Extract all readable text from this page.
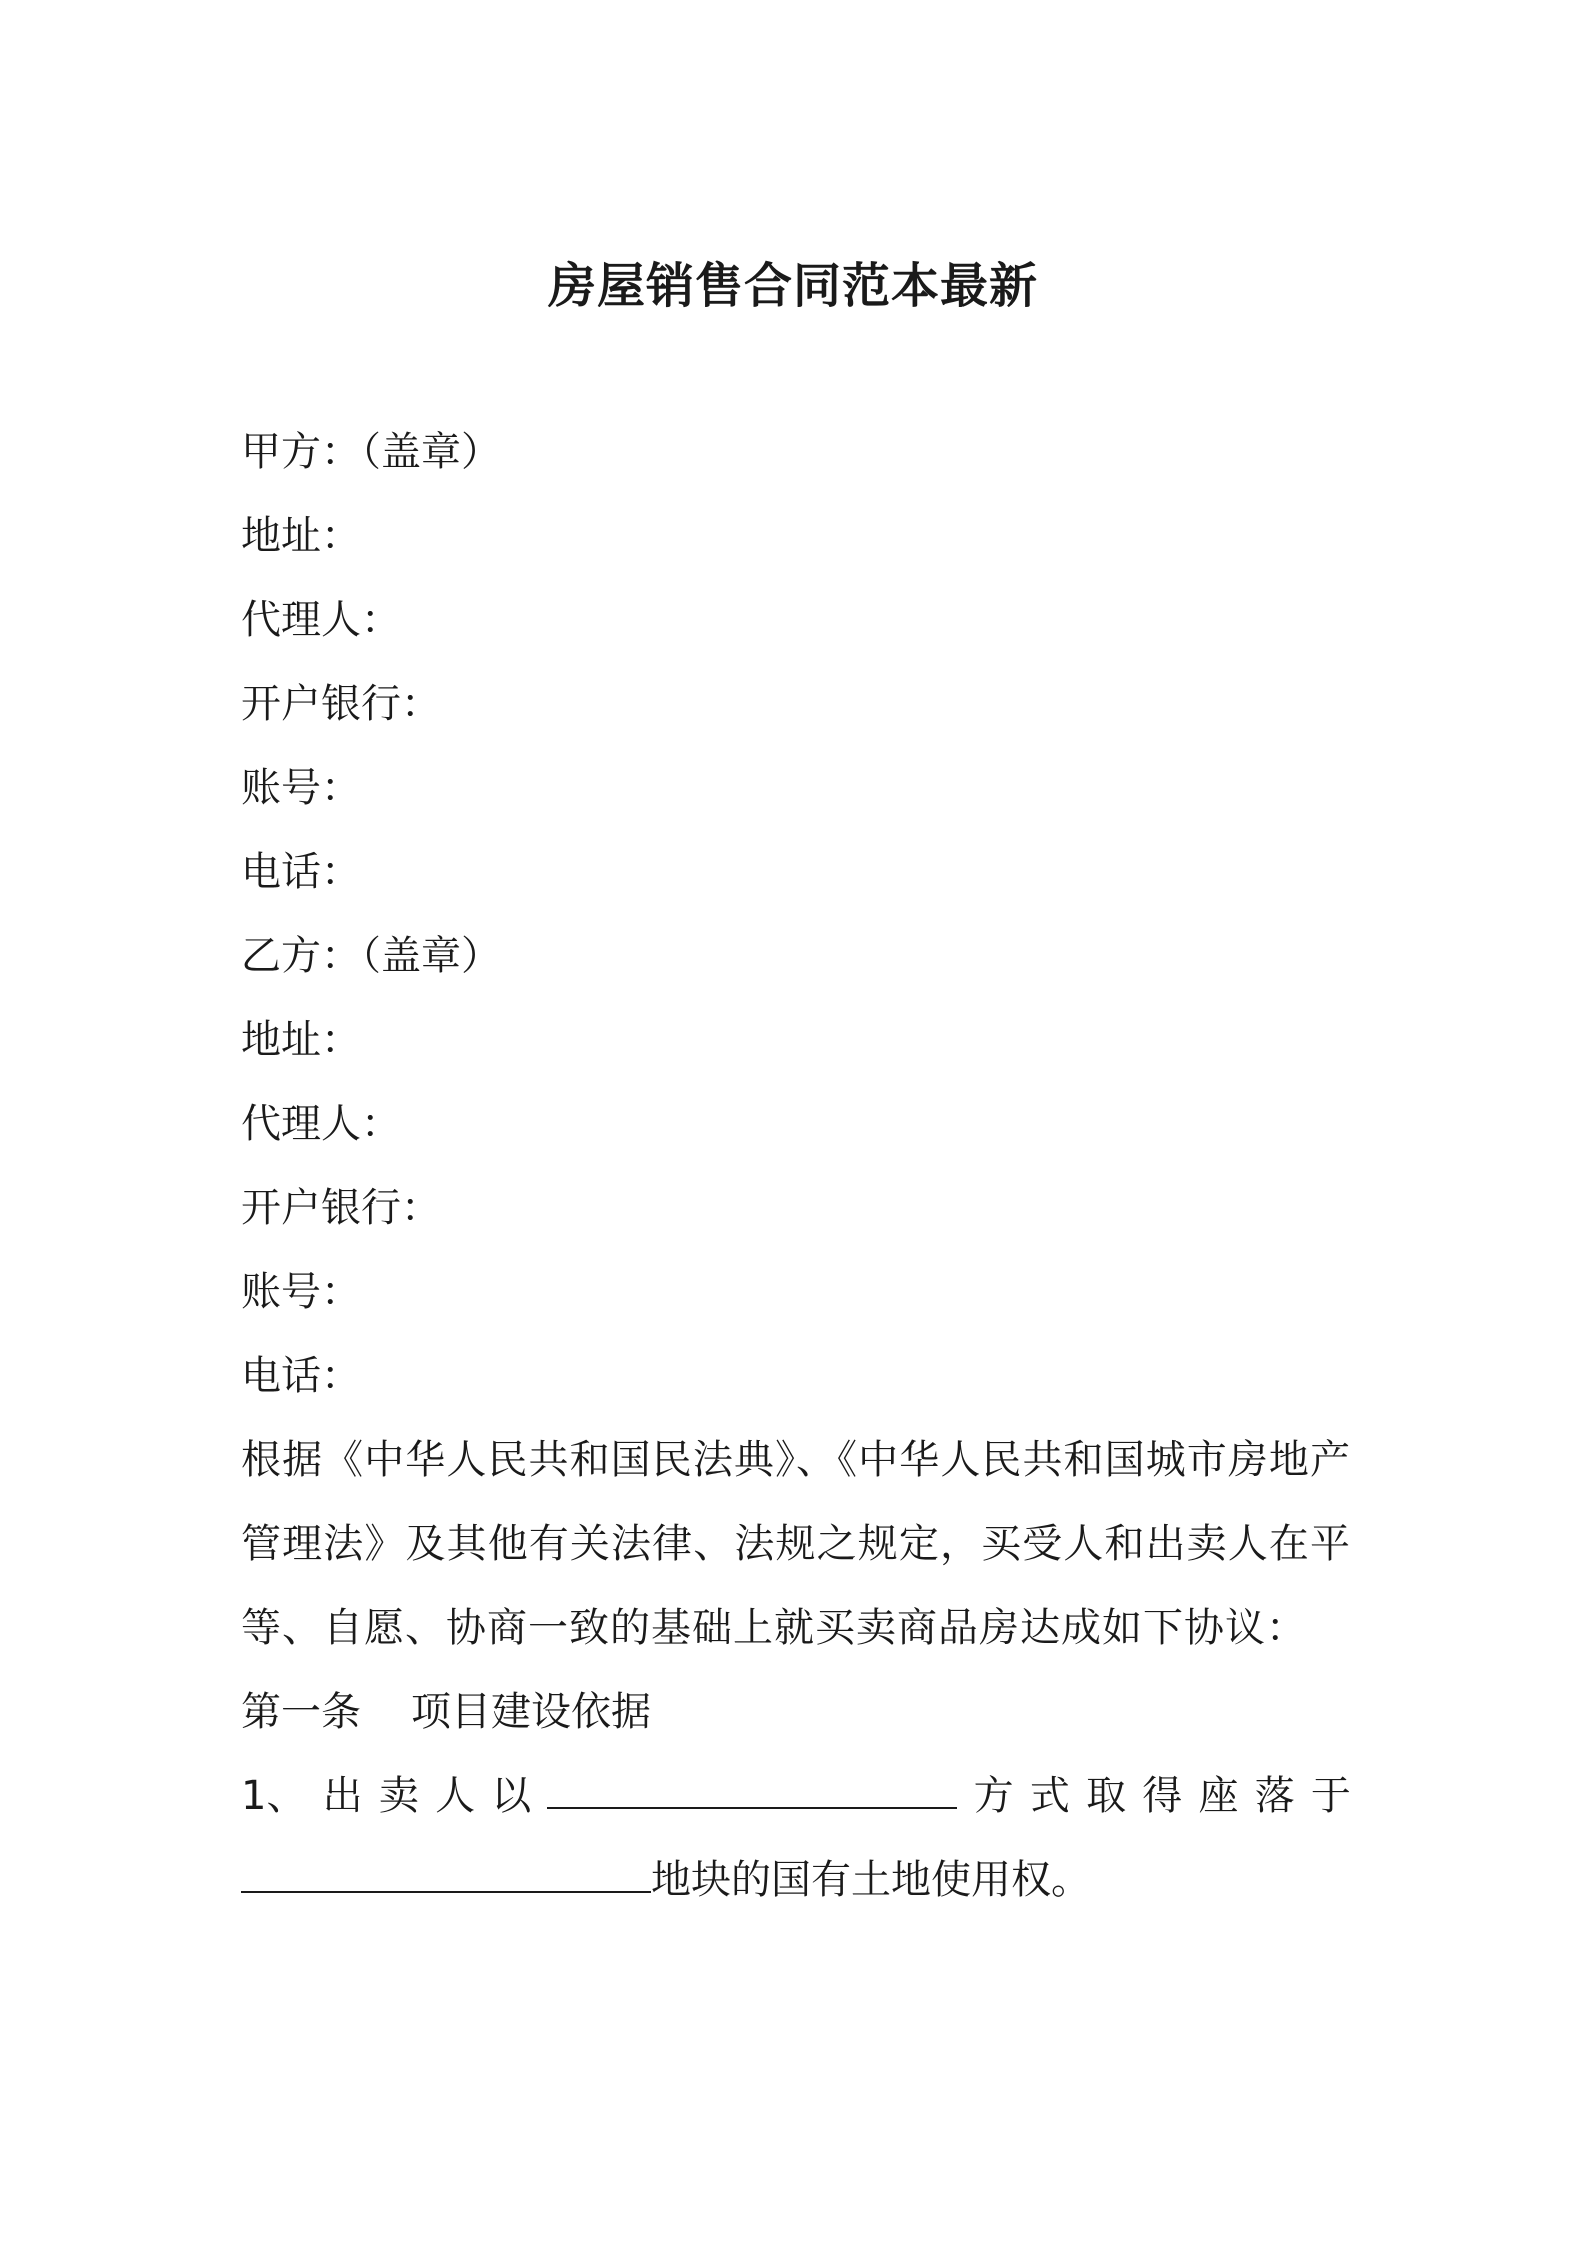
房屋销售合同范本最新

甲方：（盖章）

地址：

代理人：

开户银行：

账号：

电话：

乙方：（盖章）

地址：

代理人：

开户银行：

账号：

电话：

根据《中华人民共和国民法典》、《中华人民共和国城市房地产管理法》及其他有关法律、法规之规定，买受人和出卖人在平等、自愿、协商一致的基础上就买卖商品房达成如下协议：

第一条 项目建设依据

1、 出 卖 人 以	方 式 取 得 座 落 于

地块的国有土地使用权。
